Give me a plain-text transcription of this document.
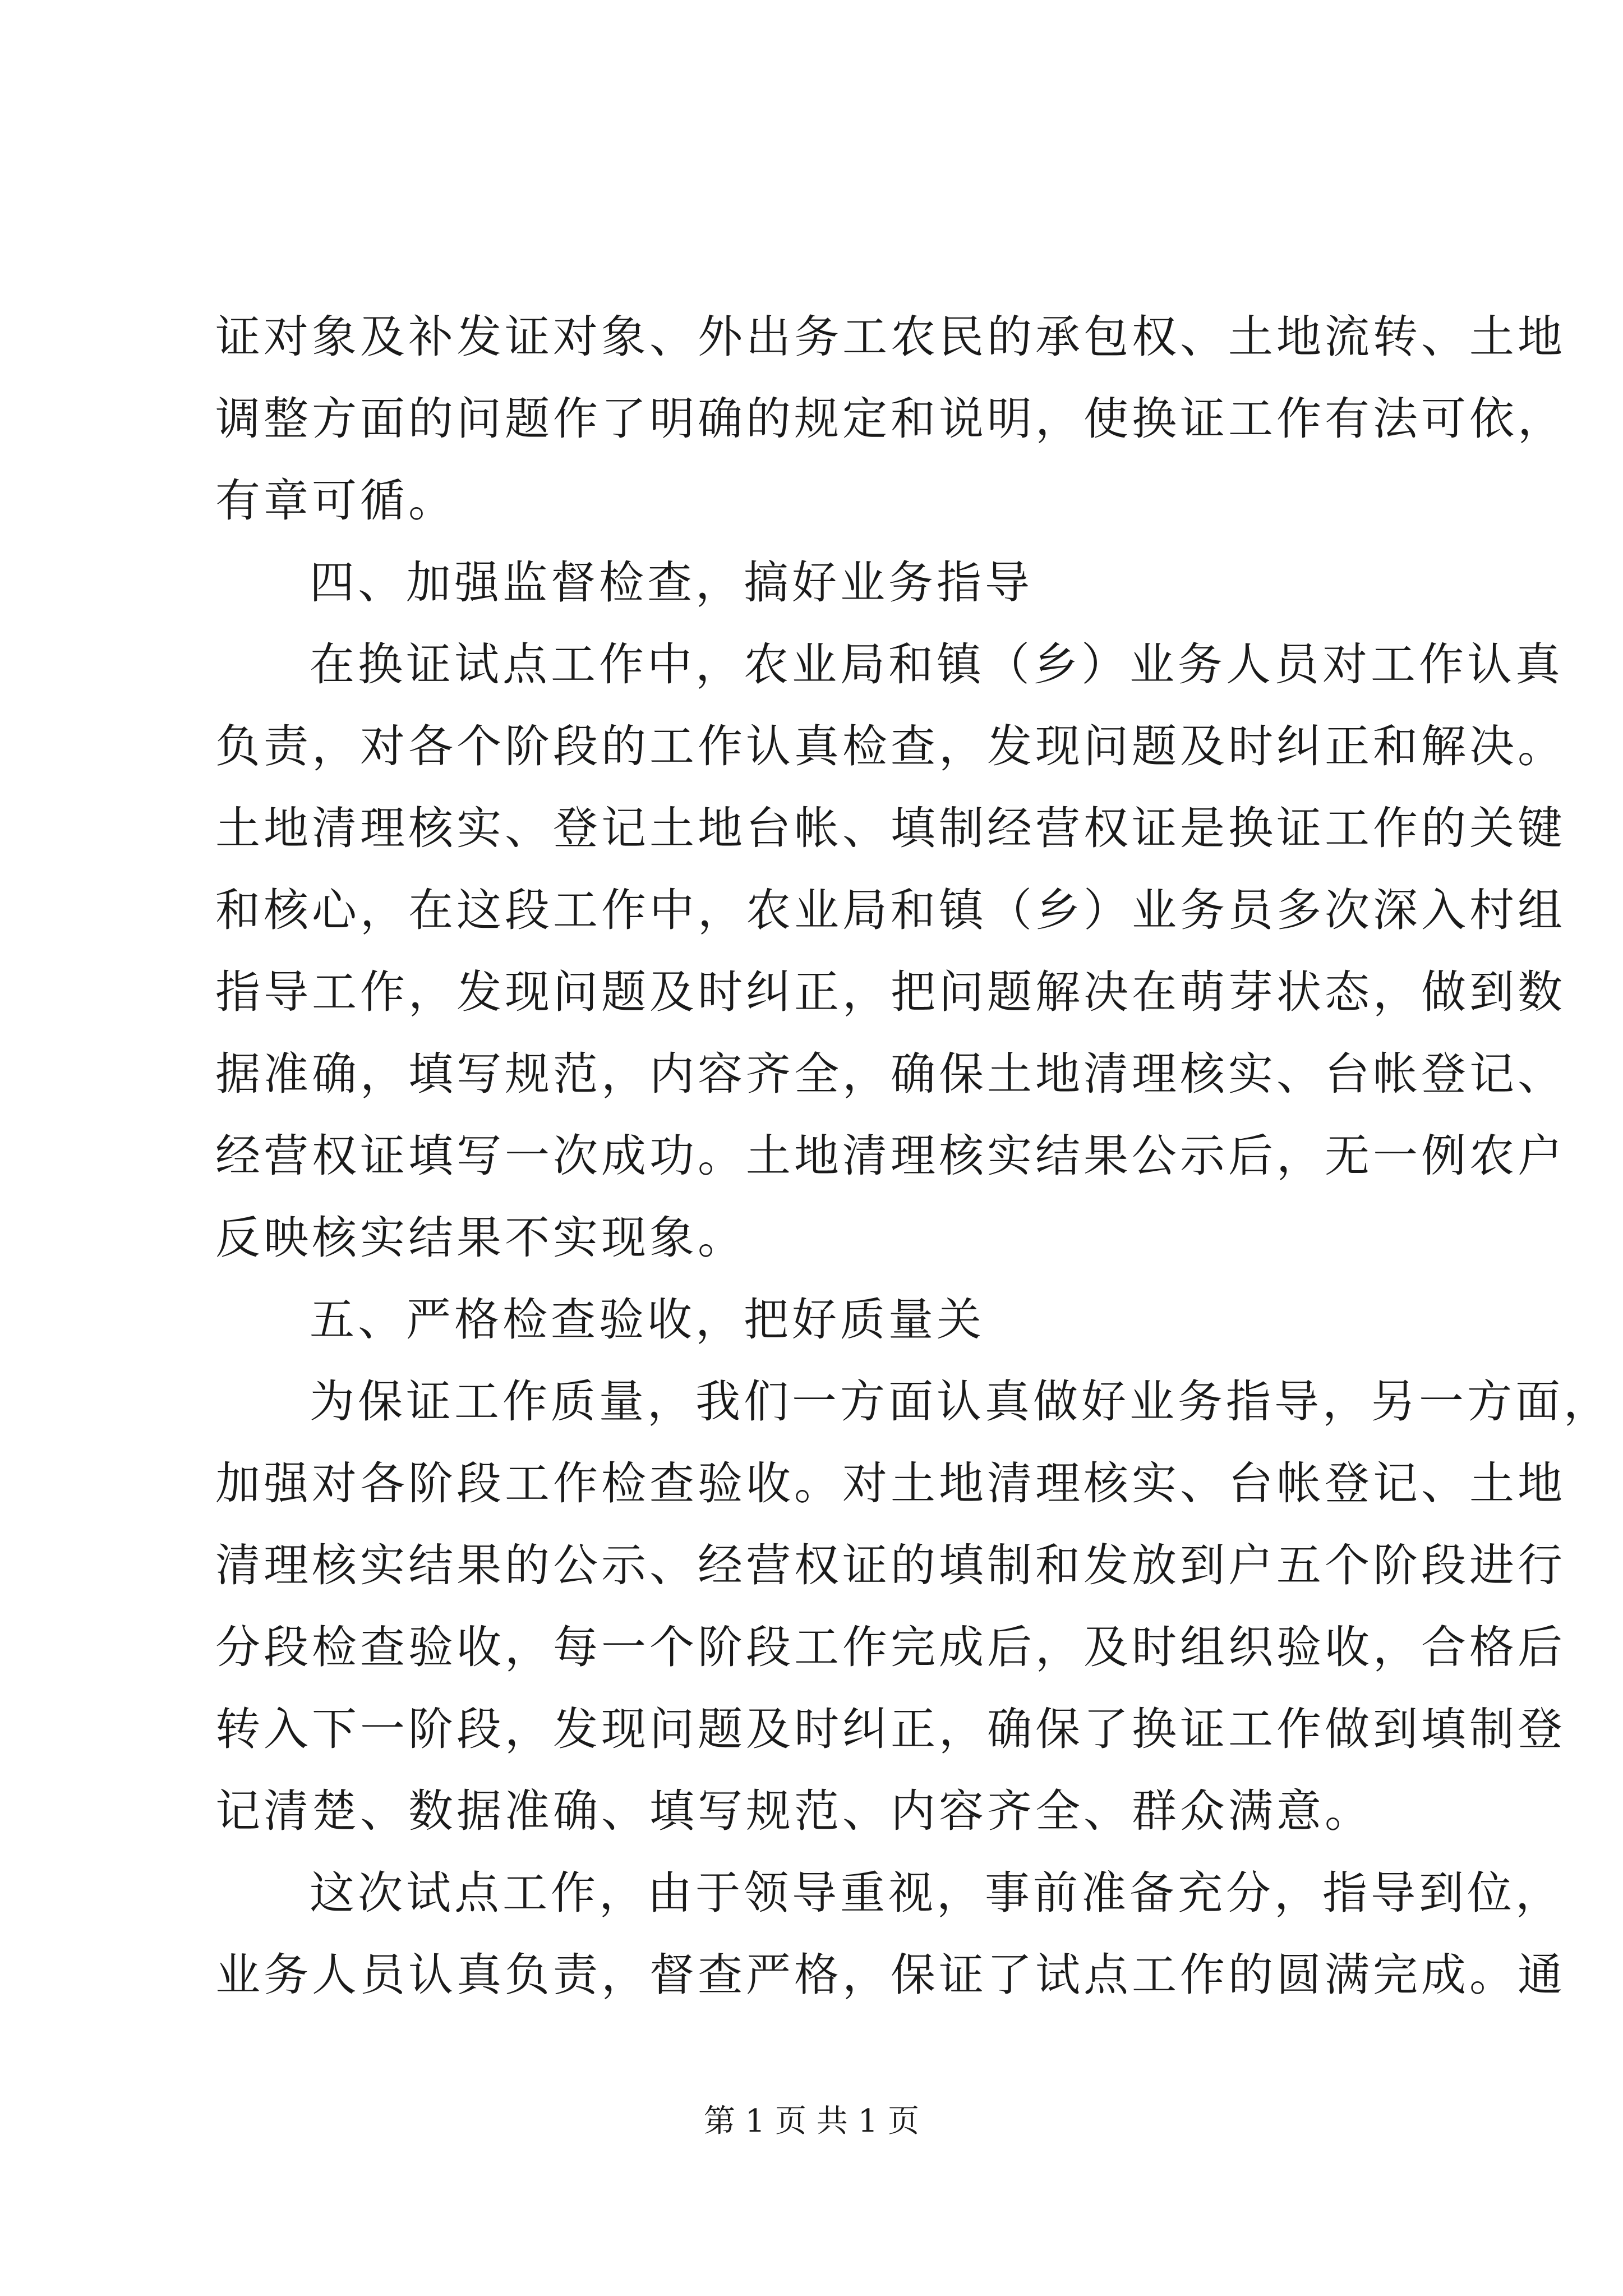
证对象及补发证对象、外出务工农民的承包权、土地流转、土地
调整方面的问题作了明确的规定和说明，使换证工作有法可依，
有章可循。
四、加强监督检查，搞好业务指导
在换证试点工作中，农业局和镇（乡）业务人员对工作认真
负责，对各个阶段的工作认真检查，发现问题及时纠正和解决。
土地清理核实、登记土地台帐、填制经营权证是换证工作的关键
和核心，在这段工作中，农业局和镇（乡）业务员多次深入村组
指导工作，发现问题及时纠正，把问题解决在萌芽状态，做到数
据准确，填写规范，内容齐全，确保土地清理核实、台帐登记、
经营权证填写一次成功。土地清理核实结果公示后，无一例农户
反映核实结果不实现象。
五、严格检查验收，把好质量关
为保证工作质量，我们一方面认真做好业务指导，另一方面，
加强对各阶段工作检查验收。对土地清理核实、台帐登记、土地
清理核实结果的公示、经营权证的填制和发放到户五个阶段进行
分段检查验收，每一个阶段工作完成后，及时组织验收，合格后
转入下一阶段，发现问题及时纠正，确保了换证工作做到填制登
记清楚、数据准确、填写规范、内容齐全、群众满意。
这次试点工作，由于领导重视，事前准备充分，指导到位，
业务人员认真负责，督查严格，保证了试点工作的圆满完成。通
第 1 页 共 1 页
